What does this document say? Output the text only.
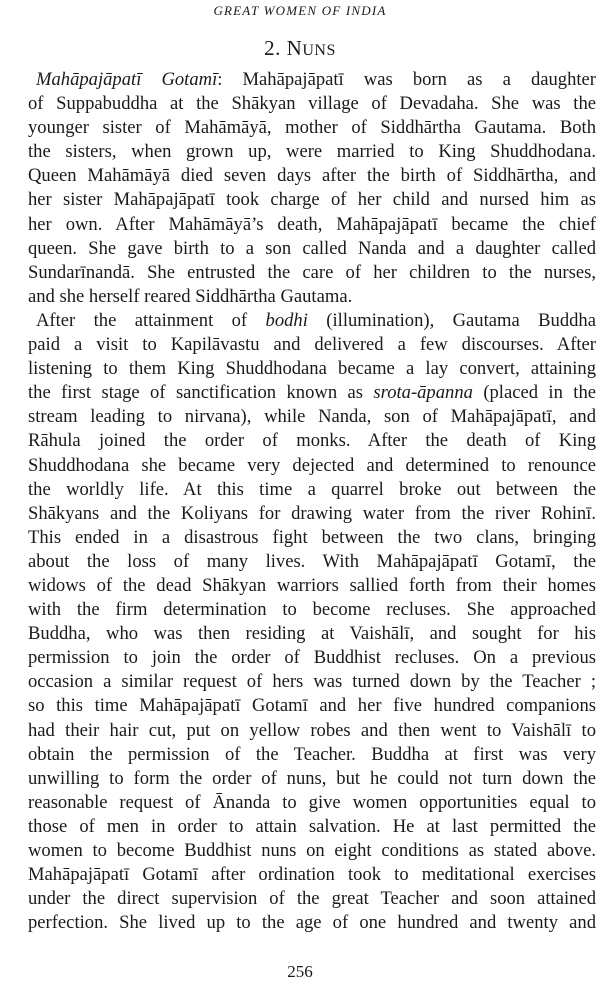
GREAT WOMEN OF INDIA
2. NUNS
Mahāpajāpatī Gotamī: Mahāpajāpatī was born as a daughter
of Suppabuddha at the Shākyan village of Devadaha. She was the
younger sister of Mahāmāyā, mother of Siddhārtha Gautama. Both
the sisters, when grown up, were married to King Shuddhodana.
Queen Mahāmāyā died seven days after the birth of Siddhārtha, and
her sister Mahāpajāpatī took charge of her child and nursed him as
her own. After Mahāmāyā’s death, Mahāpajāpatī became the chief
queen. She gave birth to a son called Nanda and a daughter called
Sundarīnandā. She entrusted the care of her children to the nurses,
and she herself reared Siddhārtha Gautama.
After the attainment of bodhi (illumination), Gautama Buddha
paid a visit to Kapilāvastu and delivered a few discourses. After
listening to them King Shuddhodana became a lay convert, attaining
the first stage of sanctification known as srota-āpanna (placed in the
stream leading to nirvana), while Nanda, son of Mahāpajāpatī, and
Rāhula joined the order of monks. After the death of King
Shuddhodana she became very dejected and determined to renounce
the worldly life. At this time a quarrel broke out between the
Shākyans and the Koliyans for drawing water from the river Rohinī.
This ended in a disastrous fight between the two clans, bringing
about the loss of many lives. With Mahāpajāpatī Gotamī, the
widows of the dead Shākyan warriors sallied forth from their homes
with the firm determination to become recluses. She approached
Buddha, who was then residing at Vaishālī, and sought for his
permission to join the order of Buddhist recluses. On a previous
occasion a similar request of hers was turned down by the Teacher ;
so this time Mahāpajāpatī Gotamī and her five hundred companions
had their hair cut, put on yellow robes and then went to Vaishālī to
obtain the permission of the Teacher. Buddha at first was very
unwilling to form the order of nuns, but he could not turn down the
reasonable request of Ānanda to give women opportunities equal to
those of men in order to attain salvation. He at last permitted the
women to become Buddhist nuns on eight conditions as stated above.
Mahāpajāpatī Gotamī after ordination took to meditational exercises
under the direct supervision of the great Teacher and soon attained
perfection. She lived up to the age of one hundred and twenty and
256
